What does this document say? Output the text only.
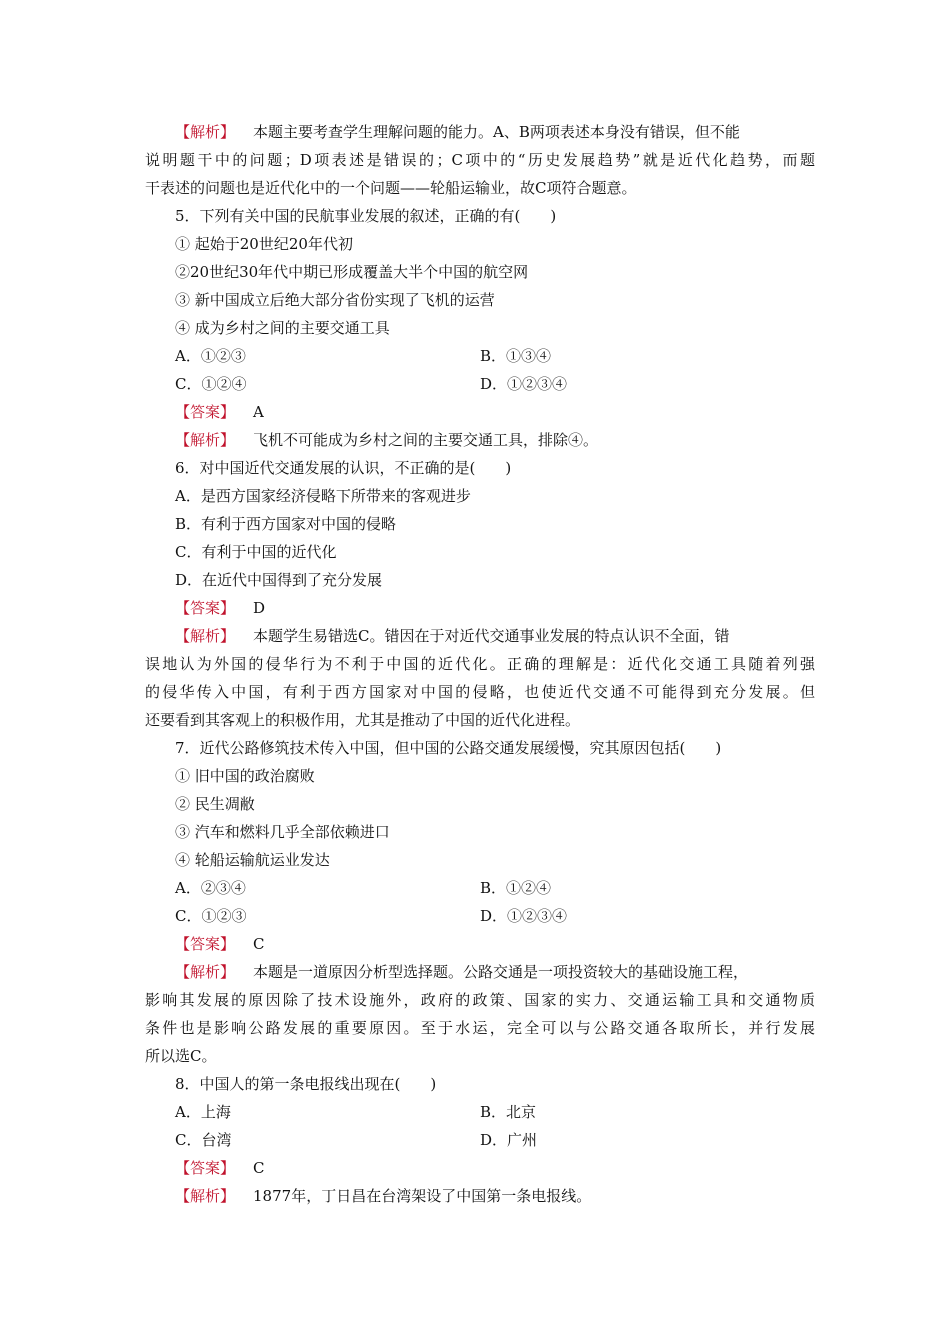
【解析】 本题主要考查学生理解问题的能力。A、B两项表述本身没有错误，但不能
说明题干中的问题；D项表述是错误的；C项中的“历史发展趋势”就是近代化趋势，而题
干表述的问题也是近代化中的一个问题——轮船运输业，故C项符合题意。
5．下列有关中国的民航事业发展的叙述，正确的有(　　)
① 起始于20世纪20年代初
②20世纪30年代中期已形成覆盖大半个中国的航空网
③ 新中国成立后绝大部分省份实现了飞机的运营
④ 成为乡村之间的主要交通工具
A．①②③	B．①③④
C．①②④	D．①②③④
【答案】 A
【解析】 飞机不可能成为乡村之间的主要交通工具，排除④。
6．对中国近代交通发展的认识，不正确的是(　　)
A．是西方国家经济侵略下所带来的客观进步
B．有利于西方国家对中国的侵略
C．有利于中国的近代化
D．在近代中国得到了充分发展
【答案】 D
【解析】 本题学生易错选C。错因在于对近代交通事业发展的特点认识不全面，错
误地认为外国的侵华行为不利于中国的近代化。正确的理解是：近代化交通工具随着列强
的侵华传入中国，有利于西方国家对中国的侵略，也使近代交通不可能得到充分发展。但
还要看到其客观上的积极作用，尤其是推动了中国的近代化进程。
7．近代公路修筑技术传入中国，但中国的公路交通发展缓慢，究其原因包括(　　)
① 旧中国的政治腐败
② 民生凋敝
③ 汽车和燃料几乎全部依赖进口
④ 轮船运输航运业发达
A．②③④	B．①②④
C．①②③	D．①②③④
【答案】 C
【解析】 本题是一道原因分析型选择题。公路交通是一项投资较大的基础设施工程，
影响其发展的原因除了技术设施外，政府的政策、国家的实力、交通运输工具和交通物质
条件也是影响公路发展的重要原因。至于水运，完全可以与公路交通各取所长，并行发展
所以选C。
8．中国人的第一条电报线出现在(　　)
A．上海	B．北京
C．台湾	D．广州
【答案】 C
【解析】 1877年，丁日昌在台湾架设了中国第一条电报线。
